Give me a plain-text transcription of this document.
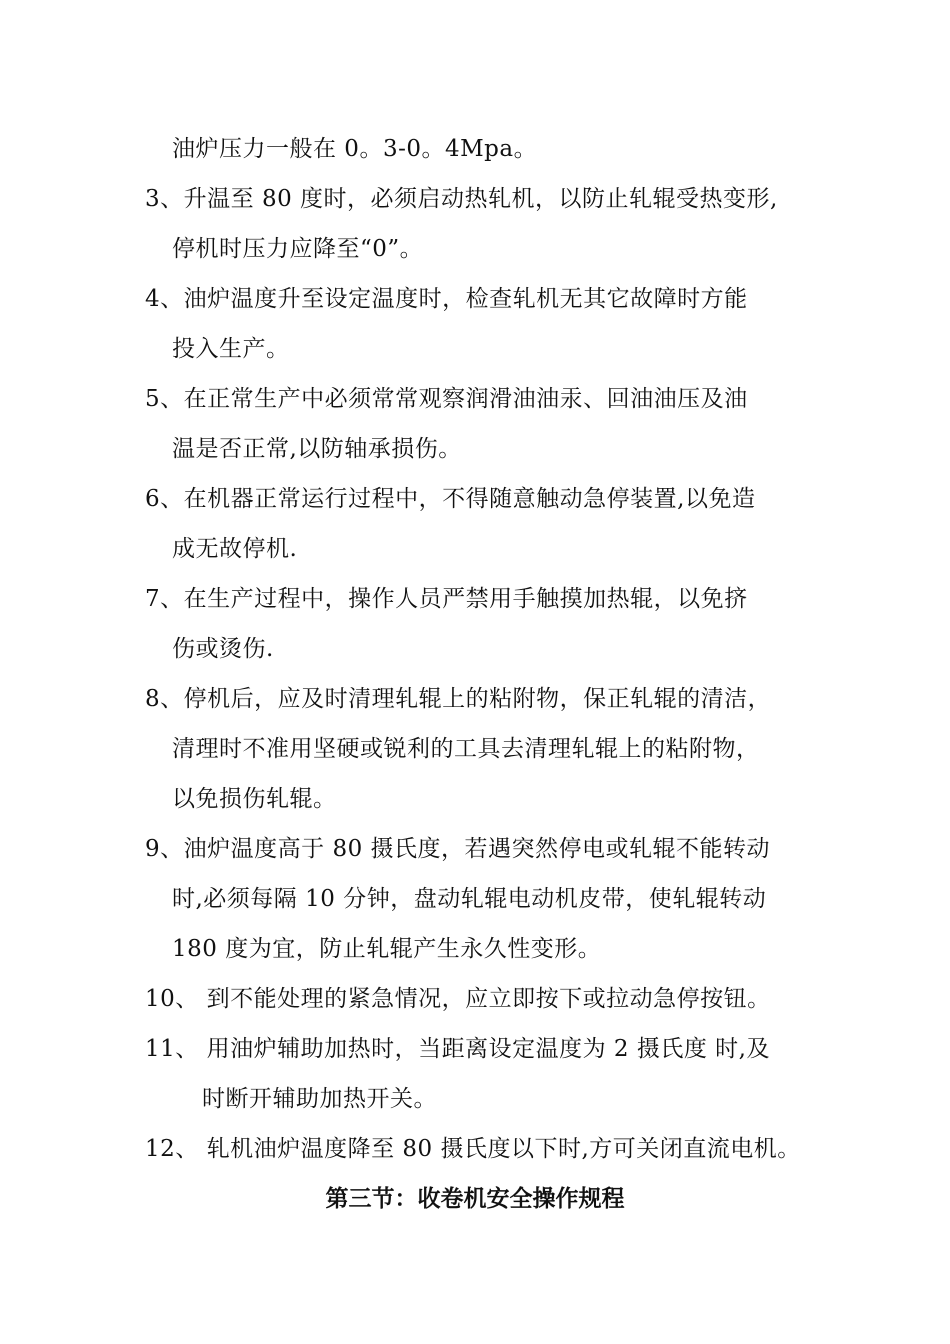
油炉压力一般在 0。3-0。4Mpa。
3、升温至 80 度时，必须启动热轧机，以防止轧辊受热变形,
停机时压力应降至“0”。
4、油炉温度升至设定温度时，检查轧机无其它故障时方能
投入生产。
5、在正常生产中必须常常观察润滑油油汞、回油油压及油
温是否正常,以防轴承损伤。
6、在机器正常运行过程中，不得随意触动急停装置,以免造
成无故停机.
7、在生产过程中，操作人员严禁用手触摸加热辊，以免挤
伤或烫伤.
8、停机后，应及时清理轧辊上的粘附物，保正轧辊的清洁，
清理时不准用坚硬或锐利的工具去清理轧辊上的粘附物，
以免损伤轧辊。
9、油炉温度高于 80 摄氏度，若遇突然停电或轧辊不能转动
时,必须每隔 10 分钟，盘动轧辊电动机皮带，使轧辊转动
180 度为宜，防止轧辊产生永久性变形。
10、 到不能处理的紧急情况，应立即按下或拉动急停按钮。
11、 用油炉辅助加热时，当距离设定温度为 2 摄氏度 时,及
时断开辅助加热开关。
12、 轧机油炉温度降至 80 摄氏度以下时,方可关闭直流电机。
第三节：收卷机安全操作规程
